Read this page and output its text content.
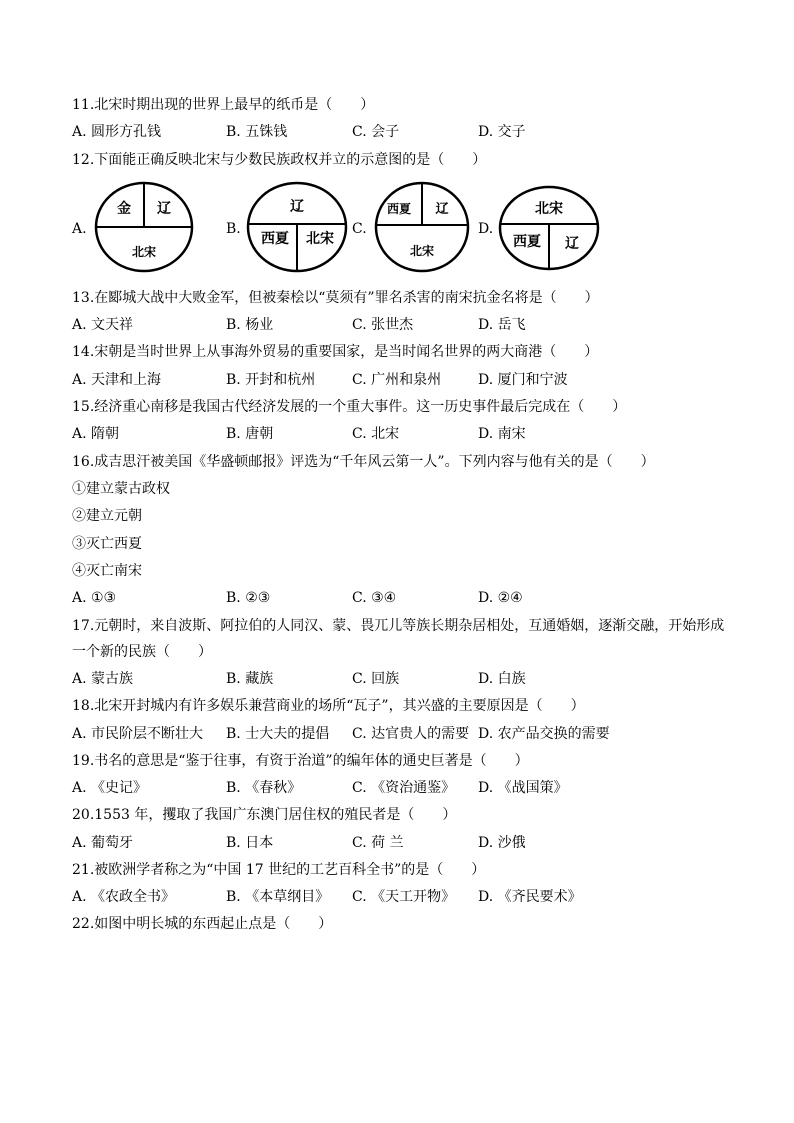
11.北宋时期出现的世界上最早的纸币是（　　）
A. 圆形方孔钱	B. 五铢钱	C. 会子	D. 交子
12.下面能正确反映北宋与少数民族政权并立的示意图的是（　　）
A.
金 辽
北宋
B.
辽
西夏 北宋
C.
西夏 辽
北宋
D.
北宋
西夏 辽
13.在郾城大战中大败金军，但被秦桧以“莫须有”罪名杀害的南宋抗金名将是（　　）
A. 文天祥	B. 杨业	C. 张世杰	D. 岳飞
14.宋朝是当时世界上从事海外贸易的重要国家，是当时闻名世界的两大商港（　　）
A. 天津和上海	B. 开封和杭州	C. 广州和泉州	D. 厦门和宁波
15.经济重心南移是我国古代经济发展的一个重大事件。这一历史事件最后完成在（　　）
A. 隋朝	B. 唐朝	C. 北宋	D. 南宋
16.成吉思汗被美国《华盛顿邮报》评选为“千年风云第一人”。下列内容与他有关的是（　　）
①建立蒙古政权
②建立元朝
③灭亡西夏
④灭亡南宋
A. ①③	B. ②③	C. ③④	D. ②④
17.元朝时，来自波斯、阿拉伯的人同汉、蒙、畏兀儿等族长期杂居相处，互通婚姻，逐渐交融，开始形成
一个新的民族（　　）
A. 蒙古族	B. 藏族	C. 回族	D. 白族
18.北宋开封城内有许多娱乐兼营商业的场所“瓦子”，其兴盛的主要原因是（　　）
A. 市民阶层不断壮大 B. 士大夫的提倡 C. 达官贵人的需要 D. 农产品交换的需要
19.书名的意思是“鉴于往事，有资于治道”的编年体的通史巨著是（　　）
A. 《史记》	B. 《春秋》	C. 《资治通鉴》 D. 《战国策》
20.1553 年，攫取了我国广东澳门居住权的殖民者是（　　）
A. 葡萄牙	B. 日本	C. 荷 兰	D. 沙俄
21.被欧洲学者称之为“中国 17 世纪的工艺百科全书”的是（　　）
A. 《农政全书》	B. 《本草纲目》 C. 《天工开物》 D. 《齐民要术》
22.如图中明长城的东西起止点是（　　）
